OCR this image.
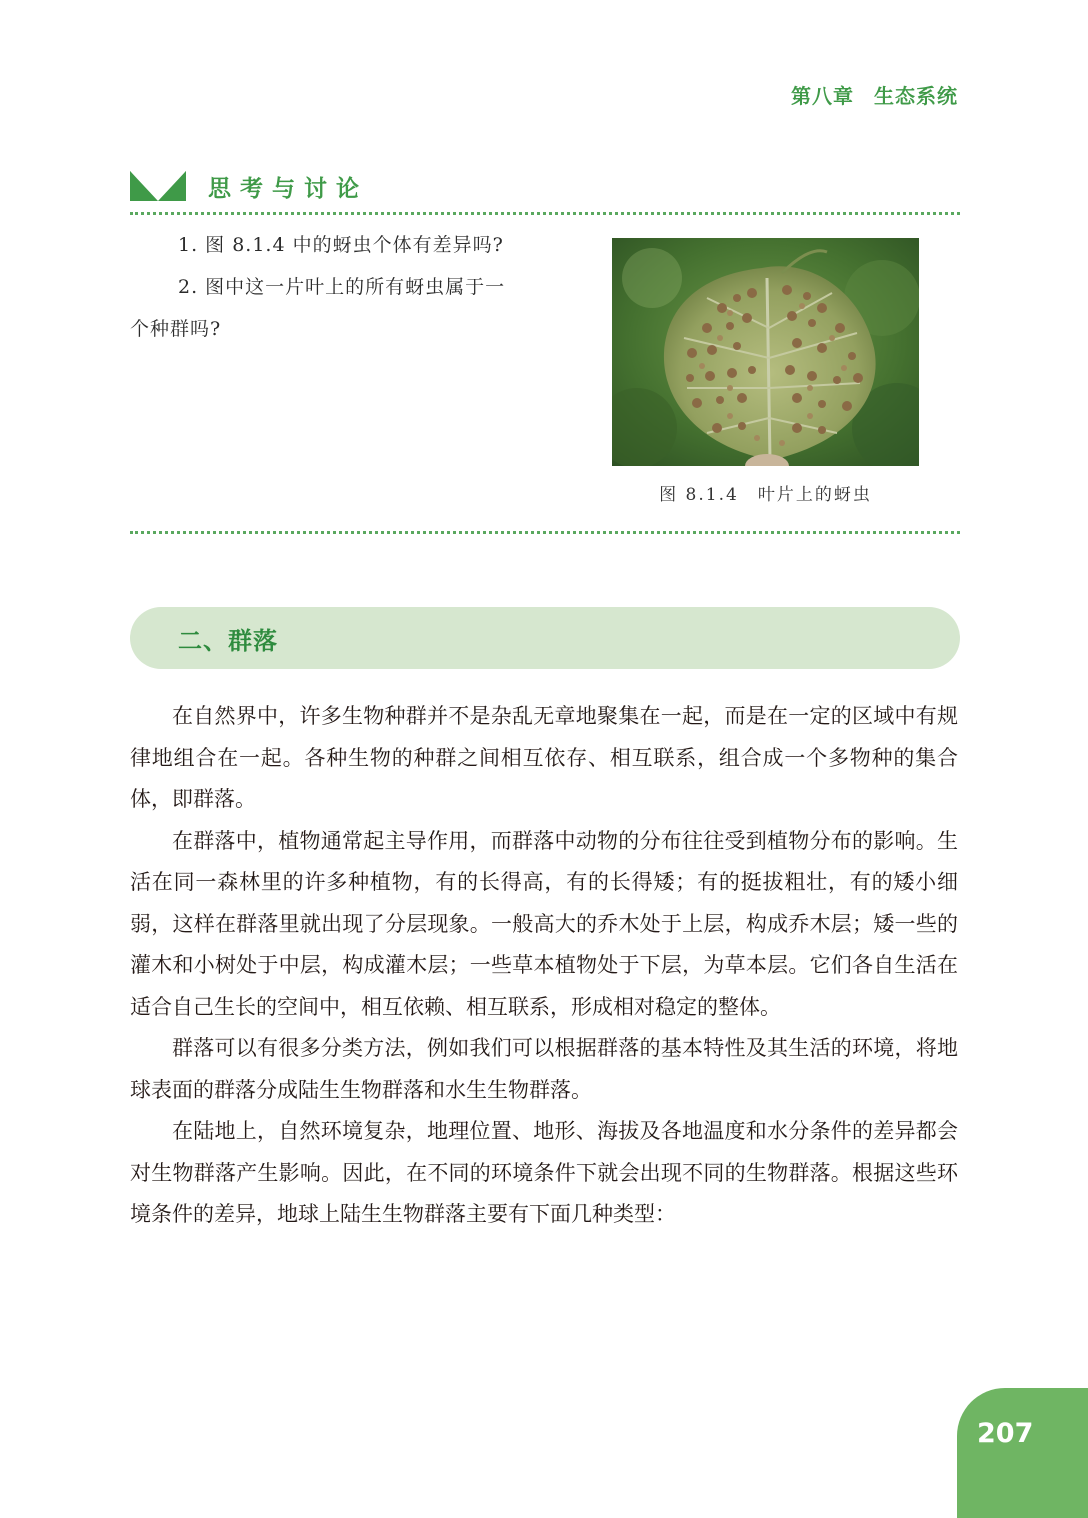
第八章 生态系统
思考与讨论
1. 图 8.1.4 中的蚜虫个体有差异吗?
2. 图中这一片叶上的所有蚜虫属于一
个种群吗?
图 8.1.4　叶片上的蚜虫
二、群落

在自然界中，许多生物种群并不是杂乱无章地聚集在一起，而是在一定的区域中有规律地组合在一起。各种生物的种群之间相互依存、相互联系，组合成一个多物种的集合体，即群落。

在群落中，植物通常起主导作用，而群落中动物的分布往往受到植物分布的影响。生活在同一森林里的许多种植物，有的长得高，有的长得矮；有的挺拔粗壮，有的矮小细弱，这样在群落里就出现了分层现象。一般高大的乔木处于上层，构成乔木层；矮一些的灌木和小树处于中层，构成灌木层；一些草本植物处于下层，为草本层。它们各自生活在适合自己生长的空间中，相互依赖、相互联系，形成相对稳定的整体。

群落可以有很多分类方法，例如我们可以根据群落的基本特性及其生活的环境，将地球表面的群落分成陆生生物群落和水生生物群落。

在陆地上，自然环境复杂，地理位置、地形、海拔及各地温度和水分条件的差异都会对生物群落产生影响。因此，在不同的环境条件下就会出现不同的生物群落。根据这些环境条件的差异，地球上陆生生物群落主要有下面几种类型：

207
